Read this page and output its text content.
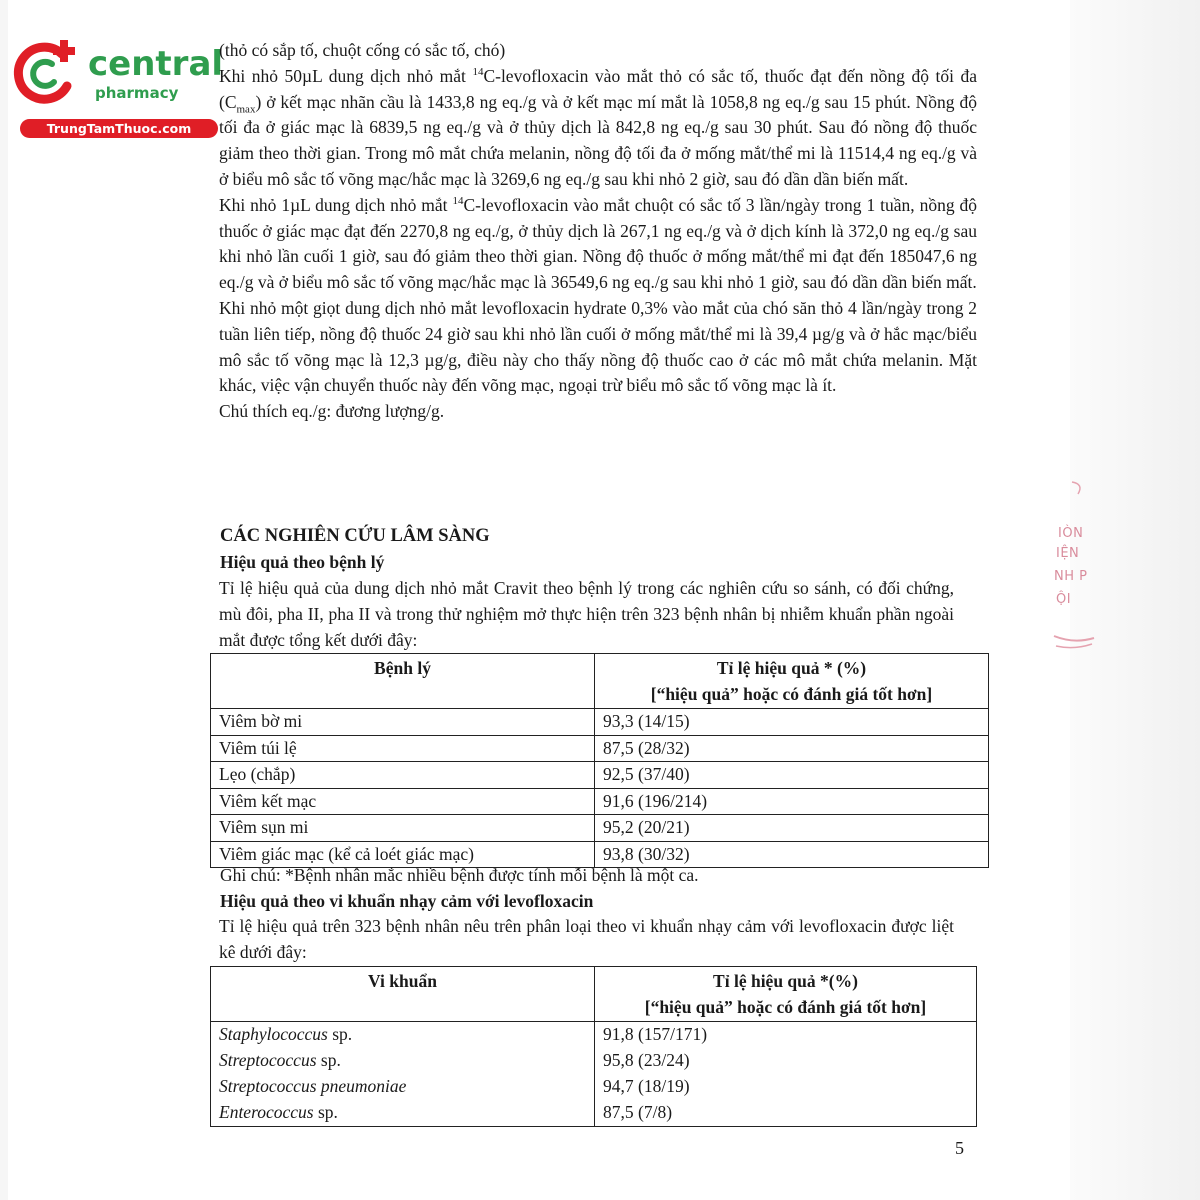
central
pharmacy
TrungTamThuoc.com

(thỏ có sắp tố, chuột cống có sắc tố, chó)

Khi nhỏ 50µL dung dịch nhỏ mắt $^{14}$C-levofloxacin vào mắt thỏ có sắc tố, thuốc đạt đến nồng độ tối đa $(C_{max})$ ở kết mạc nhãn cầu là 1433,8 ng eq./g và ở kết mạc mí mắt là 1058,8 ng eq./g sau 15 phút. Nồng độ tối đa ở giác mạc là 6839,5 ng eq./g và ở thủy dịch là 842,8 ng eq./g sau 30 phút. Sau đó nồng độ thuốc giảm theo thời gian. Trong mô mắt chứa melanin, nồng độ tối đa ở mống mắt/thể mi là 11514,4 ng eq./g và ở biểu mô sắc tố võng mạc/hắc mạc là 3269,6 ng eq./g sau khi nhỏ 2 giờ, sau đó dần dần biến mất.

Khi nhỏ 1µL dung dịch nhỏ mắt $^{14}$C-levofloxacin vào mắt chuột có sắc tố 3 lần/ngày trong 1 tuần, nồng độ thuốc ở giác mạc đạt đến 2270,8 ng eq./g, ở thủy dịch là 267,1 ng eq./g và ở dịch kính là 372,0 ng eq./g sau khi nhỏ lần cuối 1 giờ, sau đó giảm theo thời gian. Nồng độ thuốc ở mống mắt/thể mi đạt đến 185047,6 ng eq./g và ở biểu mô sắc tố võng mạc/hắc mạc là 36549,6 ng eq./g sau khi nhỏ 1 giờ, sau đó dần dần biến mất.

Khi nhỏ một giọt dung dịch nhỏ mắt levofloxacin hydrate 0,3% vào mắt của chó săn thỏ 4 lần/ngày trong 2 tuần liên tiếp, nồng độ thuốc 24 giờ sau khi nhỏ lần cuối ở mống mắt/thể mi là 39,4 µg/g và ở hắc mạc/biểu mô sắc tố võng mạc là 12,3 µg/g, điều này cho thấy nồng độ thuốc cao ở các mô mắt chứa melanin. Mặt khác, việc vận chuyển thuốc này đến võng mạc, ngoại trừ biểu mô sắc tố võng mạc là ít.

Chú thích eq./g: đương lượng/g.

CÁC NGHIÊN CỨU LÂM SÀNG
Hiệu quả theo bệnh lý

Tỉ lệ hiệu quả của dung dịch nhỏ mắt Cravit theo bệnh lý trong các nghiên cứu so sánh, có đối chứng, mù đôi, pha II, pha II và trong thử nghiệm mở thực hiện trên 323 bệnh nhân bị nhiễm khuẩn phần ngoài mắt được tổng kết dưới đây:

Bệnh lý	Tỉ lệ hiệu quả * (%)
[“hiệu quả” hoặc có đánh giá tốt hơn]
Viêm bờ mi	93,3 (14/15)
Viêm túi lệ	87,5 (28/32)
Lẹo (chắp)	92,5 (37/40)
Viêm kết mạc	91,6 (196/214)
Viêm sụn mi	95,2 (20/21)
Viêm giác mạc (kể cả loét giác mạc)	93,8 (30/32)
Ghi chú: *Bệnh nhân mắc nhiều bệnh được tính mỗi bệnh là một ca.
Hiệu quả theo vi khuẩn nhạy cảm với levofloxacin

Tỉ lệ hiệu quả trên 323 bệnh nhân nêu trên phân loại theo vi khuẩn nhạy cảm với levofloxacin được liệt kê dưới đây:

Vi khuẩn	Tỉ lệ hiệu quả *(%)
[“hiệu quả” hoặc có đánh giá tốt hơn]
Staphylococcus sp.	91,8 (157/171)
Streptococcus sp.	95,8 (23/24)
Streptococcus pneumoniae	94,7 (18/19)
Enterococcus sp.	87,5 (7/8)
5
IÒN
IỆN
NH P
ỘI
